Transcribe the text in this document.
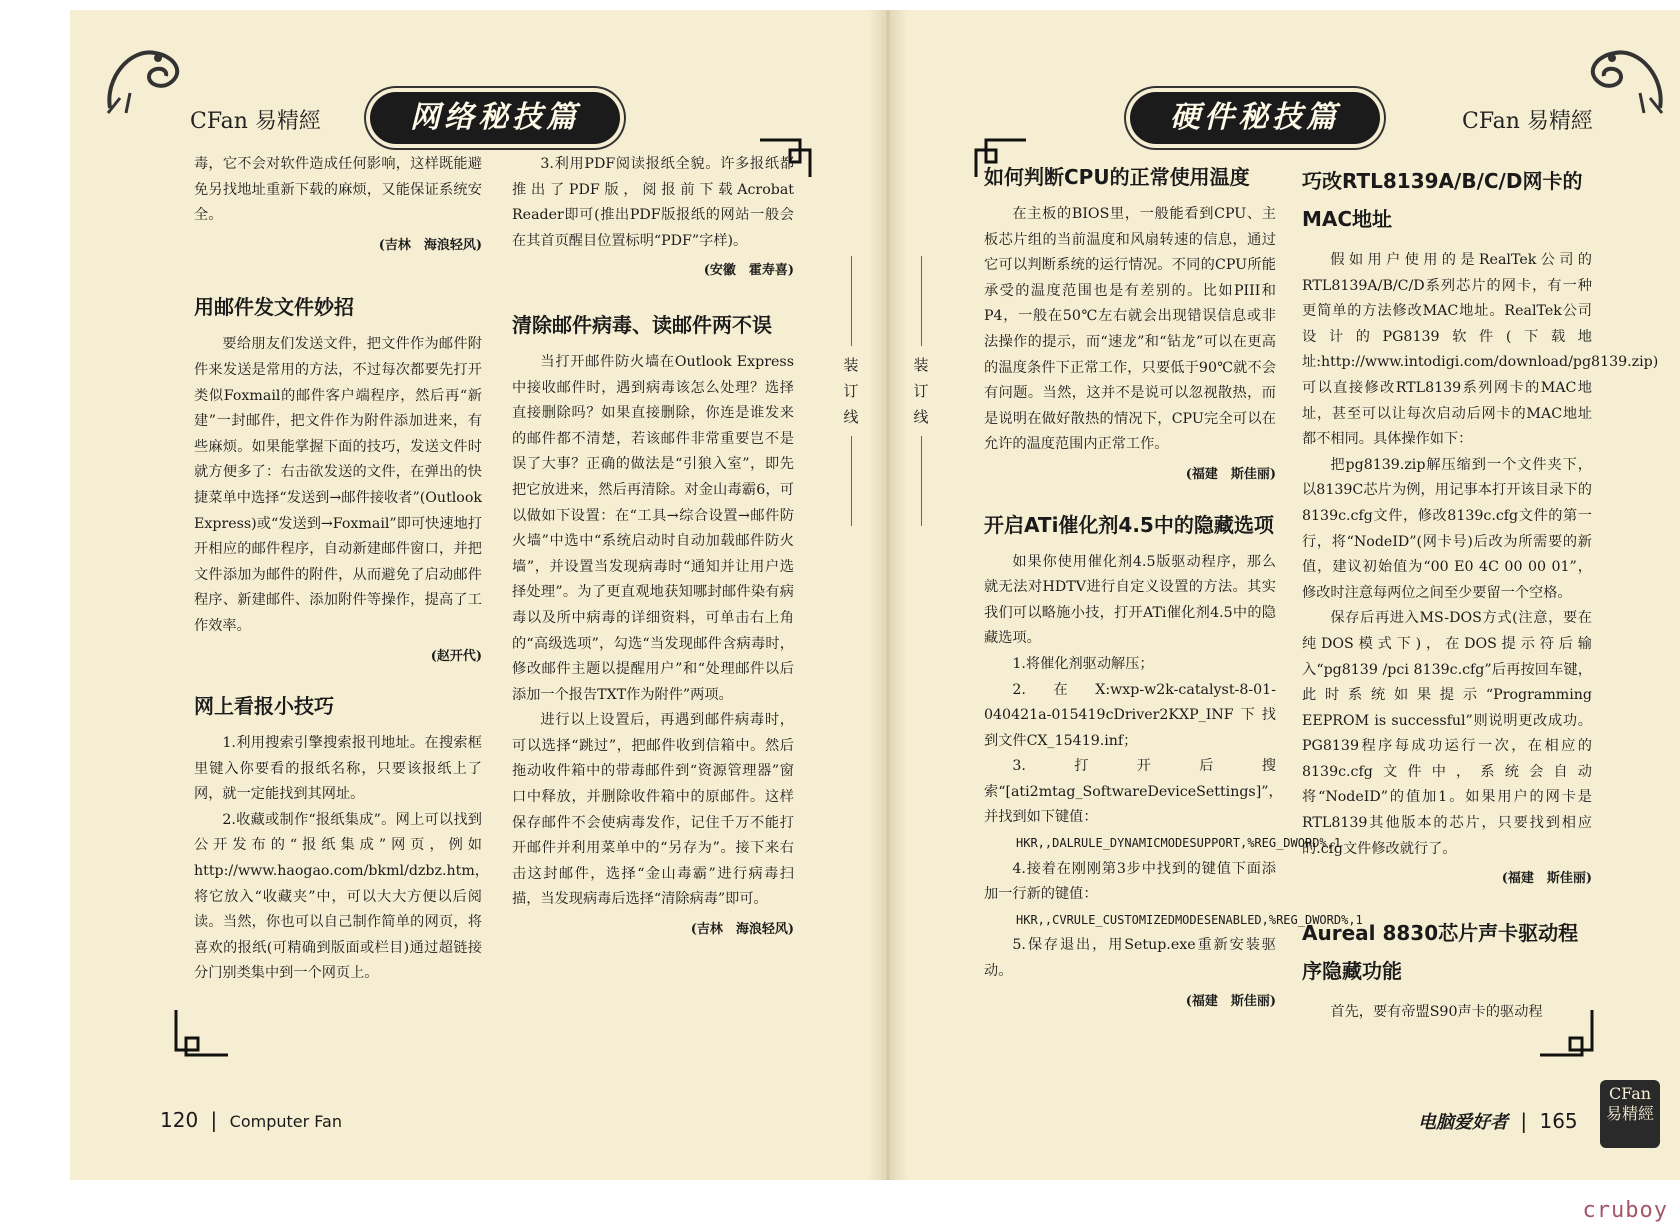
CFan 易精經	网络秘技篇

毒，它不会对软件造成任何影响，这样既能避免另找地址重新下载的麻烦，又能保证系统安全。

(吉林　海浪轻风)

用邮件发文件妙招

要给朋友们发送文件，把文件作为邮件附件来发送是常用的方法，不过每次都要先打开类似Foxmail的邮件客户端程序，然后再“新建”一封邮件，把文件作为附件添加进来，有些麻烦。如果能掌握下面的技巧，发送文件时就方便多了：右击欲发送的文件，在弹出的快捷菜单中选择“发送到→邮件接收者”(Outlook Express)或“发送到→Foxmail”即可快速地打开相应的邮件程序，自动新建邮件窗口，并把文件添加为邮件的附件，从而避免了启动邮件程序、新建邮件、添加附件等操作，提高了工作效率。

(赵开代)

网上看报小技巧

1.利用搜索引擎搜索报刊地址。在搜索框里键入你要看的报纸名称，只要该报纸上了网，就一定能找到其网址。

2.收藏或制作“报纸集成”。网上可以找到公开发布的“报纸集成”网页，例如http://www.haogao.com/bkml/dzbz.htm，将它放入“收藏夹”中，可以大大方便以后阅读。当然，你也可以自己制作简单的网页，将喜欢的报纸(可精确到版面或栏目)通过超链接分门别类集中到一个网页上。

3.利用PDF阅读报纸全貌。许多报纸都推出了PDF版，阅报前下载Acrobat Reader即可(推出PDF版报纸的网站一般会在其首页醒目位置标明“PDF”字样)。

(安徽　霍寿喜)

清除邮件病毒、读邮件两不误

当打开邮件防火墙在Outlook Express中接收邮件时，遇到病毒该怎么处理？选择直接删除吗？如果直接删除，你连是谁发来的邮件都不清楚，若该邮件非常重要岂不是误了大事？正确的做法是“引狼入室”，即先把它放进来，然后再清除。对金山毒霸6，可以做如下设置：在“工具→综合设置→邮件防火墙”中选中“系统启动时自动加载邮件防火墙”，并设置当发现病毒时“通知并让用户选择处理”。为了更直观地获知哪封邮件染有病毒以及所中病毒的详细资料，可单击右上角的“高级选项”，勾选“当发现邮件含病毒时，修改邮件主题以提醒用户”和“处理邮件以后添加一个报告TXT作为附件”两项。

进行以上设置后，再遇到邮件病毒时，可以选择“跳过”，把邮件收到信箱中。然后拖动收件箱中的带毒邮件到“资源管理器”窗口中释放，并删除收件箱中的原邮件。这样保存邮件不会使病毒发作，记住千万不能打开邮件并利用菜单中的“另存为”。接下来右击这封邮件，选择“金山毒霸”进行病毒扫描，当发现病毒后选择“清除病毒”即可。

(吉林　海浪轻风)

装订线
120 | Computer Fan
装订线
硬件秘技篇	CFan 易精經
如何判断CPU的正常使用温度

在主板的BIOS里，一般能看到CPU、主板芯片组的当前温度和风扇转速的信息，通过它可以判断系统的运行情况。不同的CPU所能承受的温度范围也是有差别的。比如PIII和P4，一般在50℃左右就会出现错误信息或非法操作的提示，而“速龙”和“钻龙”可以在更高的温度条件下正常工作，只要低于90℃就不会有问题。当然，这并不是说可以忽视散热，而是说明在做好散热的情况下，CPU完全可以在允许的温度范围内正常工作。

(福建　斯佳丽)

开启ATi催化剂4.5中的隐藏选项

如果你使用催化剂4.5版驱动程序，那么就无法对HDTV进行自定义设置的方法。其实我们可以略施小技，打开ATi催化剂4.5中的隐藏选项。

1.将催化剂驱动解压；

2.在X:wxp-w2k-catalyst-8-01-040421a-015419cDriver2KXP_INF下找到文件CX_15419.inf；

3.打开后搜索“[ati2mtag_SoftwareDeviceSettings]”，并找到如下键值：

HKR,,DALRULE_DYNAMICMODESUPPORT,%REG_DWORD%,1

4.接着在刚刚第3步中找到的键值下面添加一行新的键值：

HKR,,CVRULE_CUSTOMIZEDMODESENABLED,%REG_DWORD%,1

5.保存退出，用Setup.exe重新安装驱动。

(福建　斯佳丽)

巧改RTL8139A/B/C/D网卡的MAC地址

假如用户使用的是RealTek公司的RTL8139A/B/C/D系列芯片的网卡，有一种更简单的方法修改MAC地址。RealTek公司设计的PG8139软件(下载地址:http://www.intodigi.com/download/pg8139.zip)可以直接修改RTL8139系列网卡的MAC地址，甚至可以让每次启动后网卡的MAC地址都不相同。具体操作如下：

把pg8139.zip解压缩到一个文件夹下，以8139C芯片为例，用记事本打开该目录下的8139c.cfg文件，修改8139c.cfg文件的第一行，将“NodeID”(网卡号)后改为所需要的新值，建议初始值为“00 E0 4C 00 00 01”，修改时注意每两位之间至少要留一个空格。

保存后再进入MS-DOS方式(注意，要在纯DOS模式下)，在DOS提示符后输入“pg8139 /pci 8139c.cfg”后再按回车键，此时系统如果提示“Programming EEPROM is successful”则说明更改成功。PG8139程序每成功运行一次，在相应的8139c.cfg文件中，系统会自动将“NodeID”的值加1。如果用户的网卡是RTL8139其他版本的芯片，只要找到相应的.cfg文件修改就行了。

(福建　斯佳丽)

Aureal 8830芯片声卡驱动程序隐藏功能

首先，要有帝盟S90声卡的驱动程

电脑爱好者 | 165
CFan 易精經
cruboy
